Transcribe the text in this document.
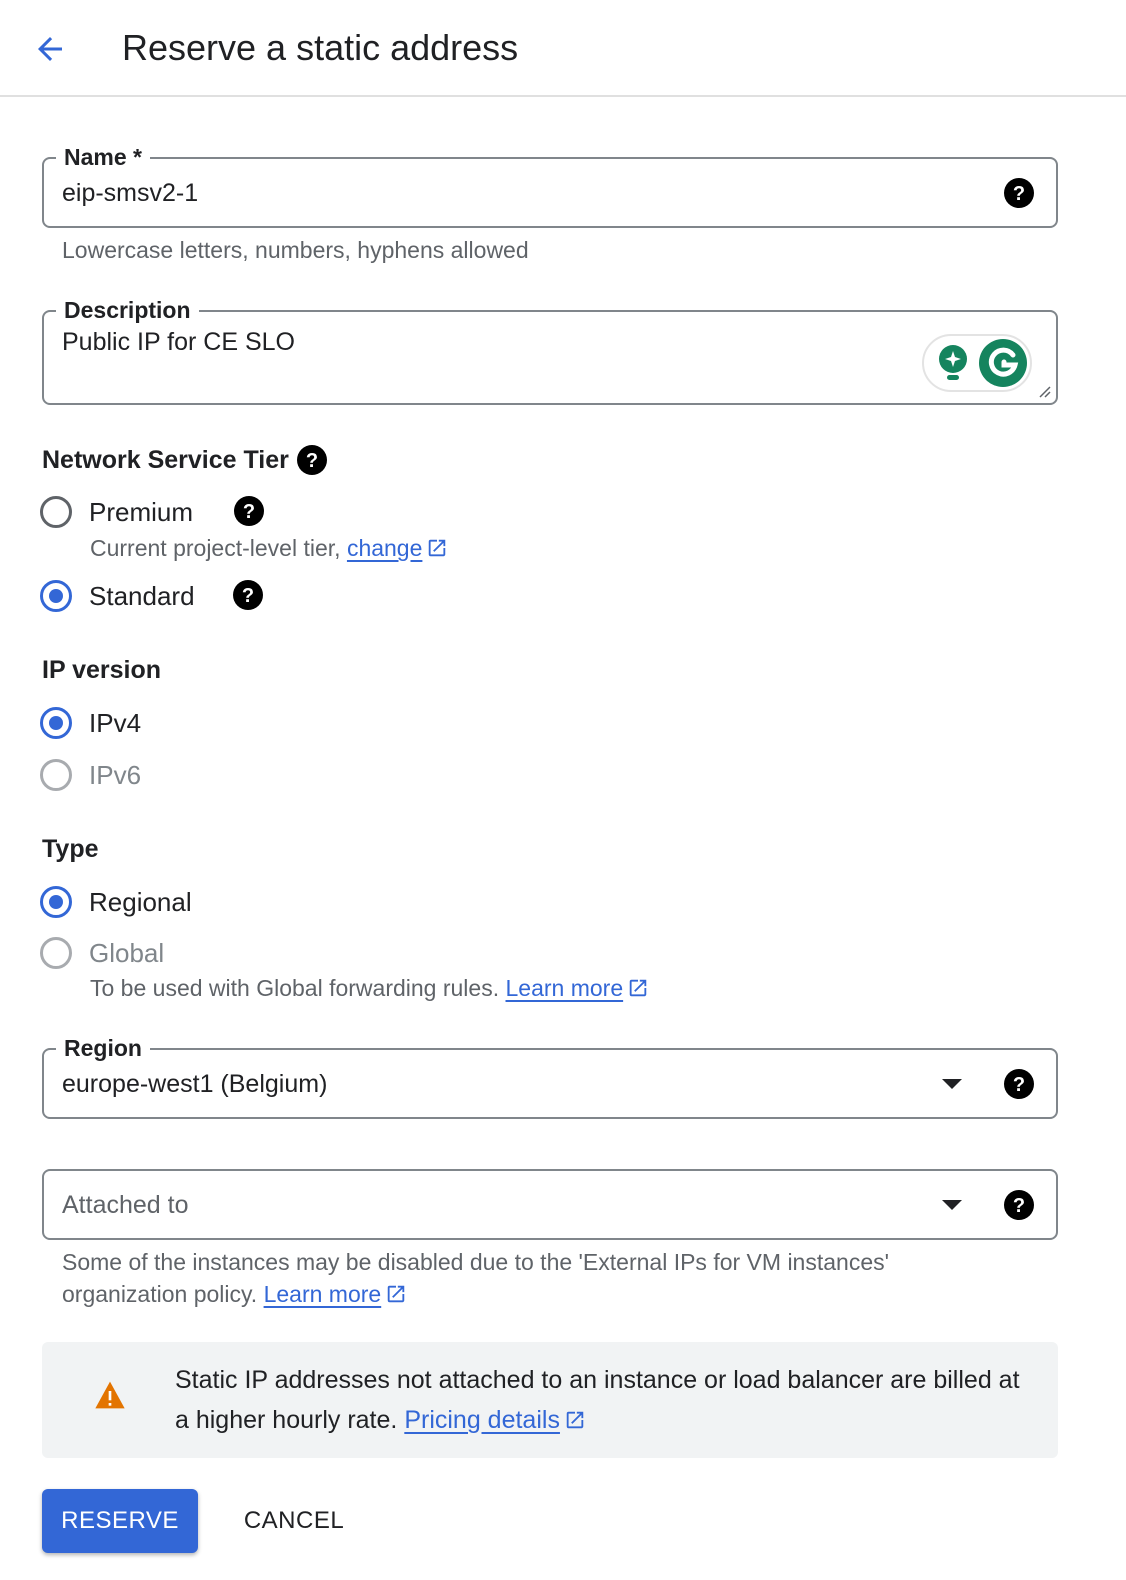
Reserve a static address
Name *
eip-smsv2-1	?
Lowercase letters, numbers, hyphens allowed
Description
Public IP for CE SLO
Network Service Tier ?
Premium	?
Current project-level tier, change
Standard	?
IP version
IPv4
IPv6
Type
Regional
Global
To be used with Global forwarding rules. Learn more
Region
europe-west1 (Belgium)	?
Attached to	?
Some of the instances may be disabled due to the 'External IPs for VM instances' organization policy. Learn more
Static IP addresses not attached to an instance or load balancer are billed at a higher hourly rate. Pricing details
RESERVE	CANCEL
